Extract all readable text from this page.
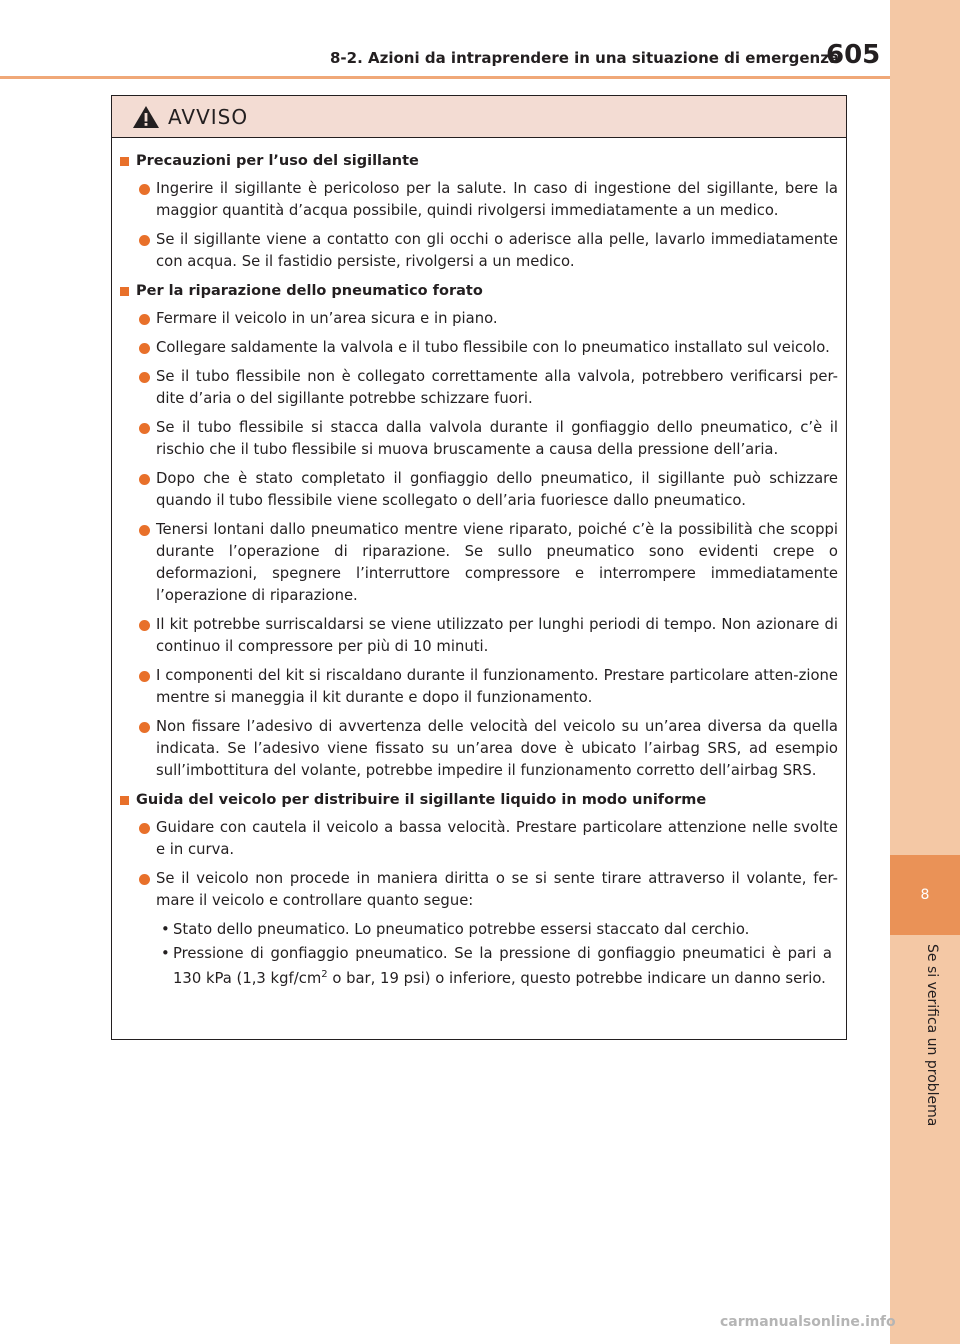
8-2. Azioni da intraprendere in una situazione di emergenza
605
8
Se si verifica un problema
AVVISO
Precauzioni per l’uso del sigillante
Ingerire il sigillante è pericoloso per la salute. In caso di ingestione del sigillante, bere la maggior quantità d’acqua possibile, quindi rivolgersi immediatamente a un medico.
Se il sigillante viene a contatto con gli occhi o aderisce alla pelle, lavarlo immediatamente con acqua. Se il fastidio persiste, rivolgersi a un medico.
Per la riparazione dello pneumatico forato
Fermare il veicolo in un’area sicura e in piano.
Collegare saldamente la valvola e il tubo flessibile con lo pneumatico installato sul veicolo.
Se il tubo flessibile non è collegato correttamente alla valvola, potrebbero verificarsi per-dite d’aria o del sigillante potrebbe schizzare fuori.
Se il tubo flessibile si stacca dalla valvola durante il gonfiaggio dello pneumatico, c’è il rischio che il tubo flessibile si muova bruscamente a causa della pressione dell’aria.
Dopo che è stato completato il gonfiaggio dello pneumatico, il sigillante può schizzare quando il tubo flessibile viene scollegato o dell’aria fuoriesce dallo pneumatico.
Tenersi lontani dallo pneumatico mentre viene riparato, poiché c’è la possibilità che scoppi durante l’operazione di riparazione. Se sullo pneumatico sono evidenti crepe o deformazioni, spegnere l’interruttore compressore e interrompere immediatamente l’operazione di riparazione.
Il kit potrebbe surriscaldarsi se viene utilizzato per lunghi periodi di tempo. Non azionare di continuo il compressore per più di 10 minuti.
I componenti del kit si riscaldano durante il funzionamento. Prestare particolare atten-zione mentre si maneggia il kit durante e dopo il funzionamento.
Non fissare l’adesivo di avvertenza delle velocità del veicolo su un’area diversa da quella indicata. Se l’adesivo viene fissato su un’area dove è ubicato l’airbag SRS, ad esempio sull’imbottitura del volante, potrebbe impedire il funzionamento corretto dell’airbag SRS.
Guida del veicolo per distribuire il sigillante liquido in modo uniforme
Guidare con cautela il veicolo a bassa velocità. Prestare particolare attenzione nelle svolte e in curva.
Se il veicolo non procede in maniera diritta o se si sente tirare attraverso il volante, fer-mare il veicolo e controllare quanto segue:
• Stato dello pneumatico. Lo pneumatico potrebbe essersi staccato dal cerchio.
• Pressione di gonfiaggio pneumatico. Se la pressione di gonfiaggio pneumatici è pari a 130 kPa (1,3 kgf/$cm^2$ o bar, 19 psi) o inferiore, questo potrebbe indicare un danno serio.
carmanualsonline.info
